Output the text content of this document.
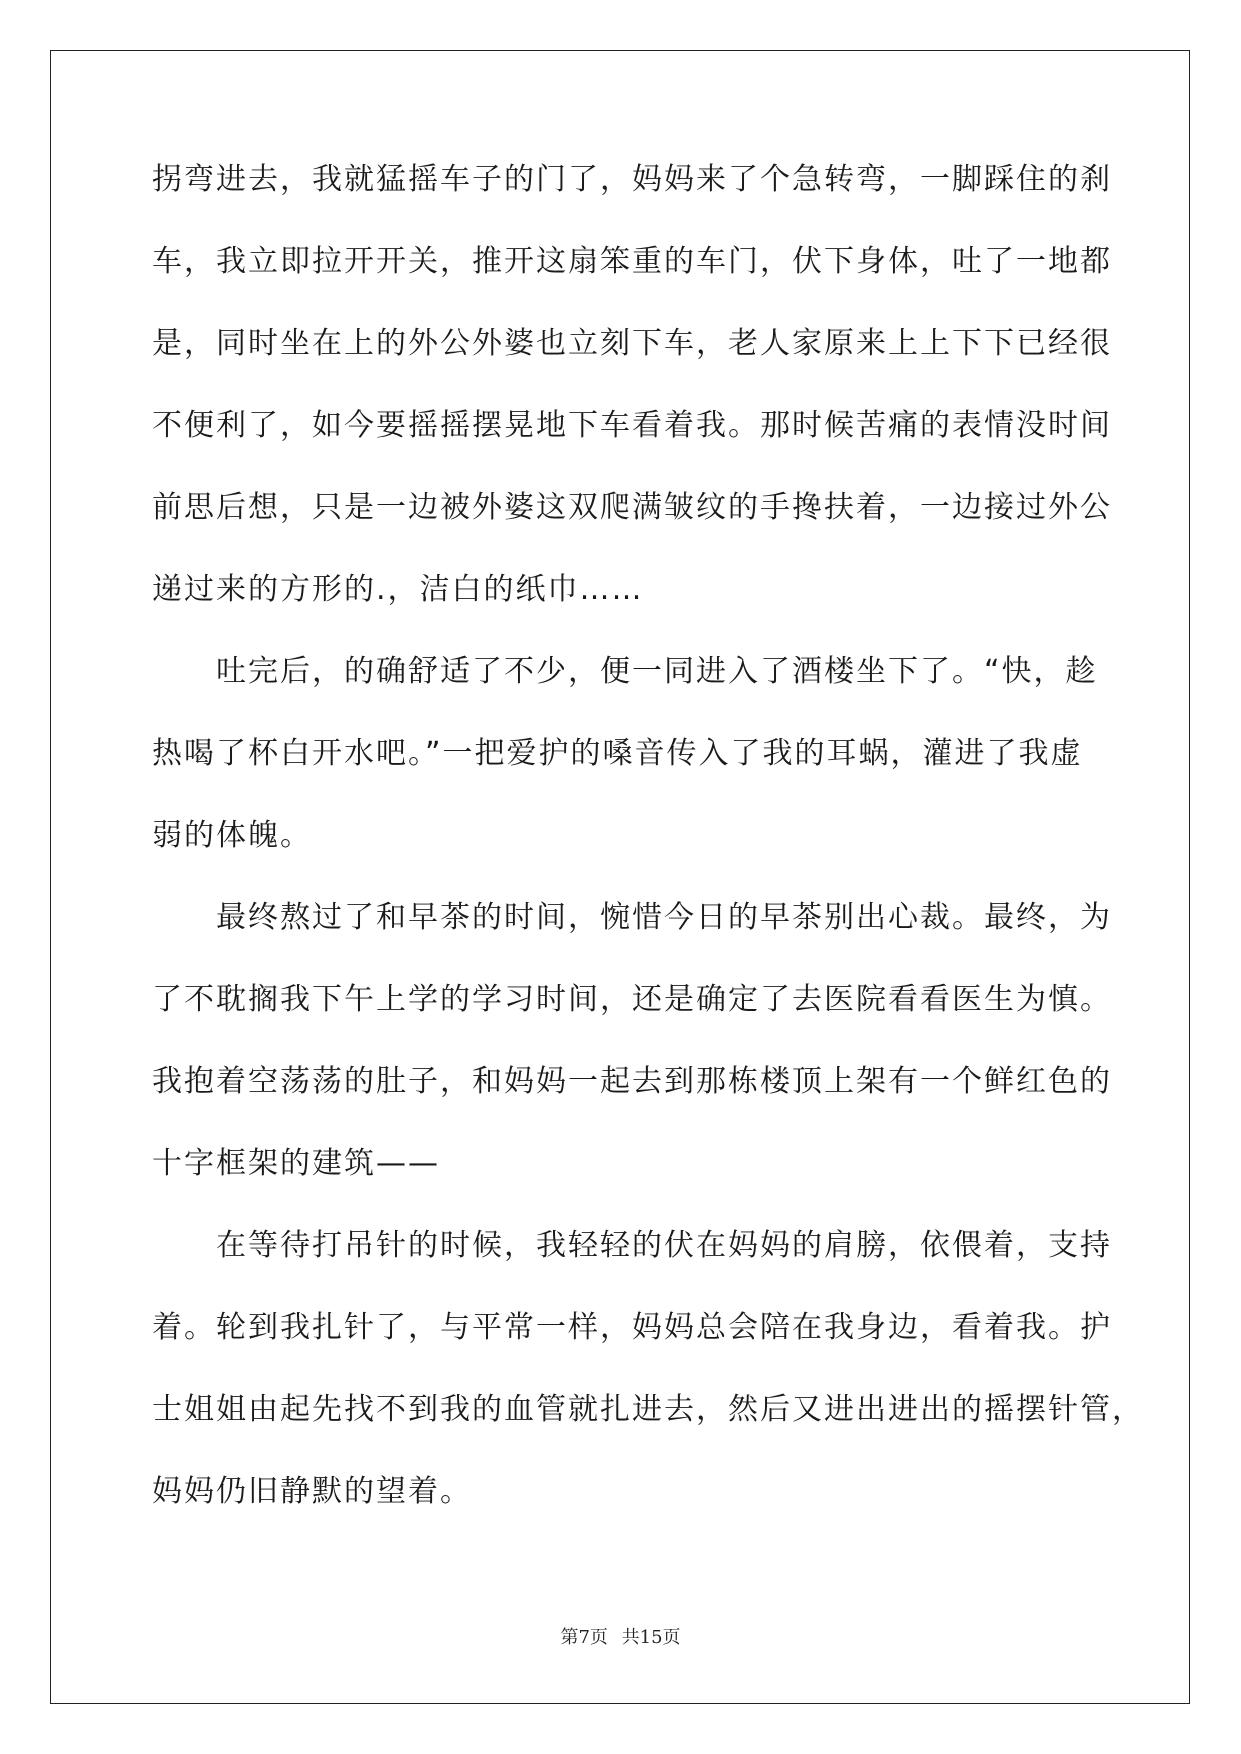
拐弯进去，我就猛摇车子的门了，妈妈来了个急转弯，一脚踩住的刹
车，我立即拉开开关，推开这扇笨重的车门，伏下身体，吐了一地都
是，同时坐在上的外公外婆也立刻下车，老人家原来上上下下已经很
不便利了，如今要摇摇摆晃地下车看着我。那时候苦痛的表情没时间
前思后想，只是一边被外婆这双爬满皱纹的手搀扶着，一边接过外公
递过来的方形的.，洁白的纸巾……
　　吐完后，的确舒适了不少，便一同进入了酒楼坐下了。“快，趁
热喝了杯白开水吧。”一把爱护的嗓音传入了我的耳蜗，灌进了我虚
弱的体魄。
　　最终熬过了和早茶的时间，惋惜今日的早茶别出心裁。最终，为
了不耽搁我下午上学的学习时间，还是确定了去医院看看医生为慎。
我抱着空荡荡的肚子，和妈妈一起去到那栋楼顶上架有一个鲜红色的
十字框架的建筑——
　　在等待打吊针的时候，我轻轻的伏在妈妈的肩膀，依偎着，支持
着。轮到我扎针了，与平常一样，妈妈总会陪在我身边，看着我。护
士姐姐由起先找不到我的血管就扎进去，然后又进出进出的摇摆针管，
妈妈仍旧静默的望着。
第7页 共15页
